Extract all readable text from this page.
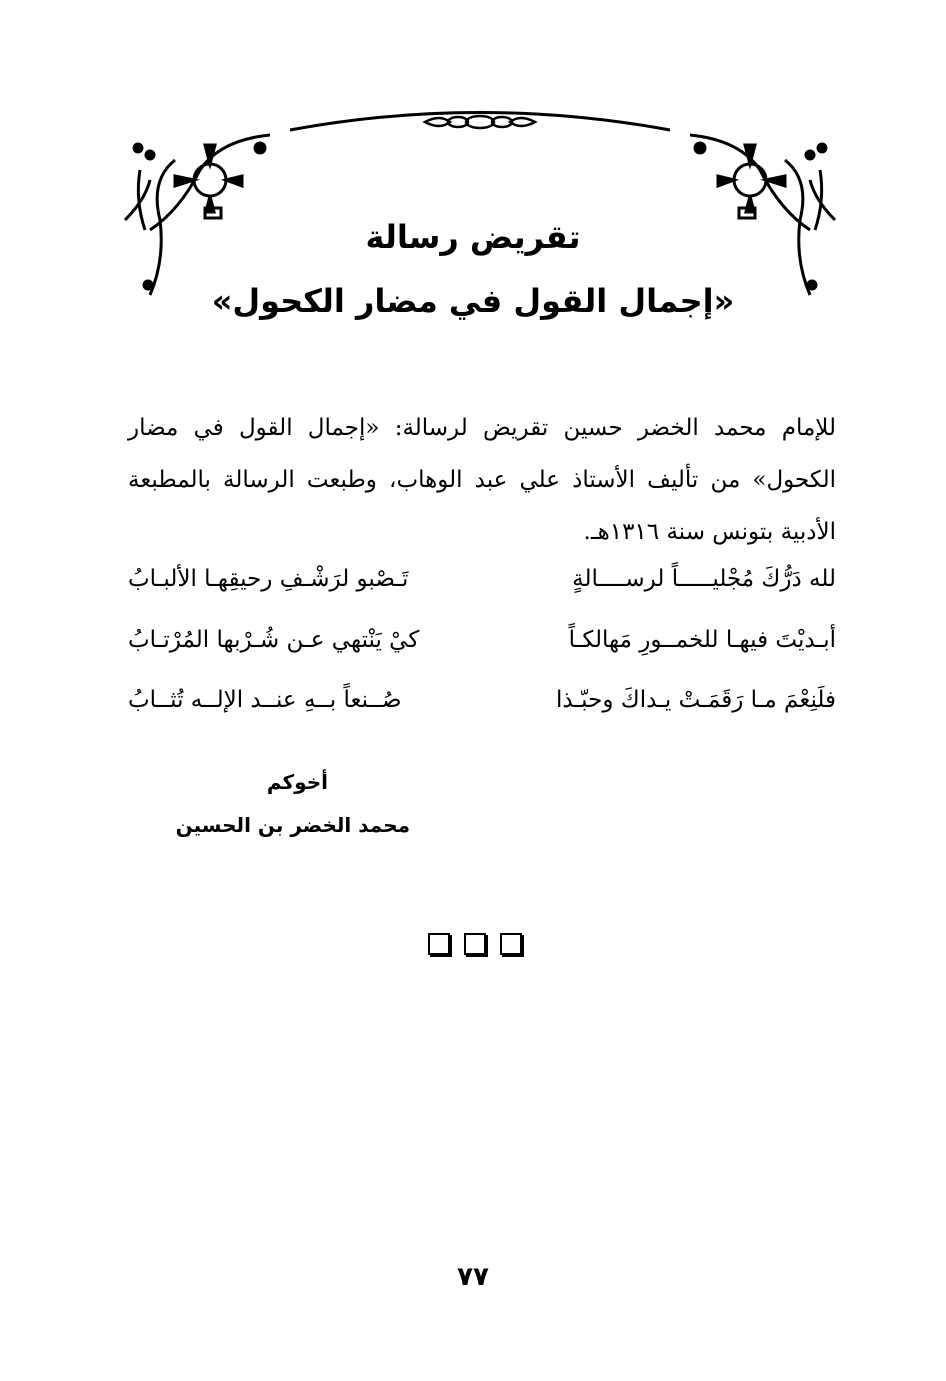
تقريض رسالة
«إجمال القول في مضار الكحول»

للإمام محمد الخضر حسين تقريض لرسالة: «إجمال القول في مضار الكحول» من تأليف الأستاذ علي عبد الوهاب، وطبعت الرسالة بالمطبعة الأدبية بتونس سنة ١٣١٦هـ.

لله دَرُّكَ مُجْليـــــاً لرســــالةٍ
تَـصْبو لرَشْـفِ رحيقِهـا الألبـابُ
أبـديْتَ فيهـا للخمــورِ مَهالكـاً
كيْ يَنْتهي عـن شُـرْبها المُرْتـابُ
فلَنِعْمَ مـا رَقَمَـتْ يـداكَ وحبّـذا
صُــنعاً بــهِ عنــد الإلــه تُثــابُ
أخوكم
محمد الخضر بن الحسين
٧٧
